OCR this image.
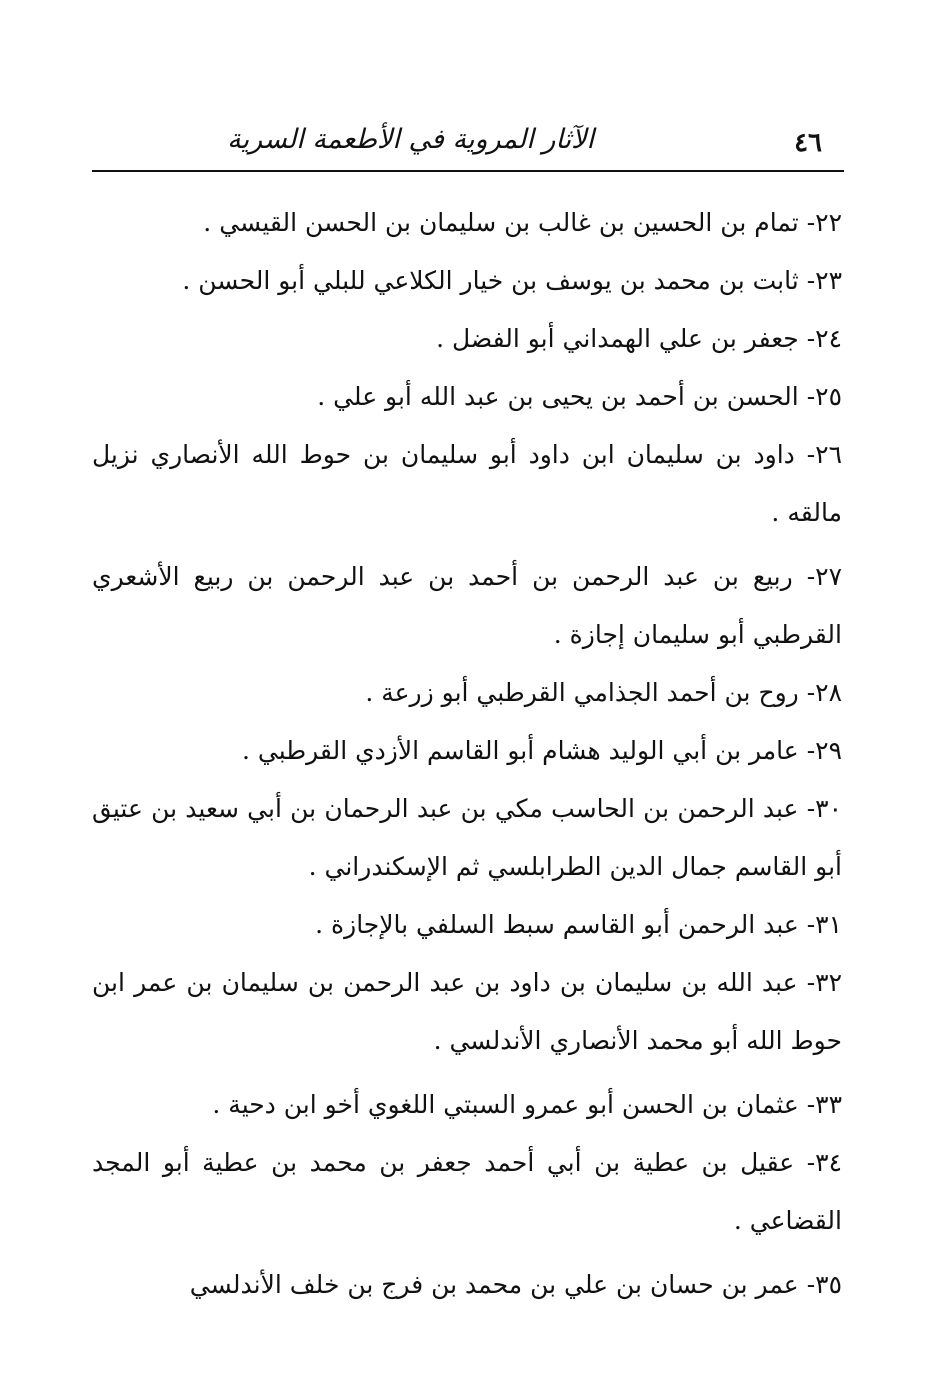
٤٦
الآثار المروية في الأطعمة السرية

٢٢- تمام بن الحسين بن غالب بن سليمان بن الحسن القيسي .

٢٣- ثابت بن محمد بن يوسف بن خيار الكلاعي للبلي أبو الحسن .

٢٤- جعفر بن علي الهمداني أبو الفضل .

٢٥- الحسن بن أحمد بن يحيى بن عبد الله أبو علي .

٢٦- داود بن سليمان ابن داود أبو سليمان بن حوط الله الأنصاري نزيل مالقه .

٢٧- ربيع بن عبد الرحمن بن أحمد بن عبد الرحمن بن ربيع الأشعري القرطبي أبو سليمان إجازة .

٢٨- روح بن أحمد الجذامي القرطبي أبو زرعة .

٢٩- عامر بن أبي الوليد هشام أبو القاسم الأزدي القرطبي .

٣٠- عبد الرحمن بن الحاسب مكي بن عبد الرحمان بن أبي سعيد بن عتيق أبو القاسم جمال الدين الطرابلسي ثم الإسكندراني .

٣١- عبد الرحمن أبو القاسم سبط السلفي بالإجازة .

٣٢- عبد الله بن سليمان بن داود بن عبد الرحمن بن سليمان بن عمر ابن حوط الله أبو محمد الأنصاري الأندلسي .

٣٣- عثمان بن الحسن أبو عمرو السبتي اللغوي أخو ابن دحية .

٣٤- عقيل بن عطية بن أبي أحمد جعفر بن محمد بن عطية أبو المجد القضاعي .

٣٥- عمر بن حسان بن علي بن محمد بن فرج بن خلف الأندلسي
